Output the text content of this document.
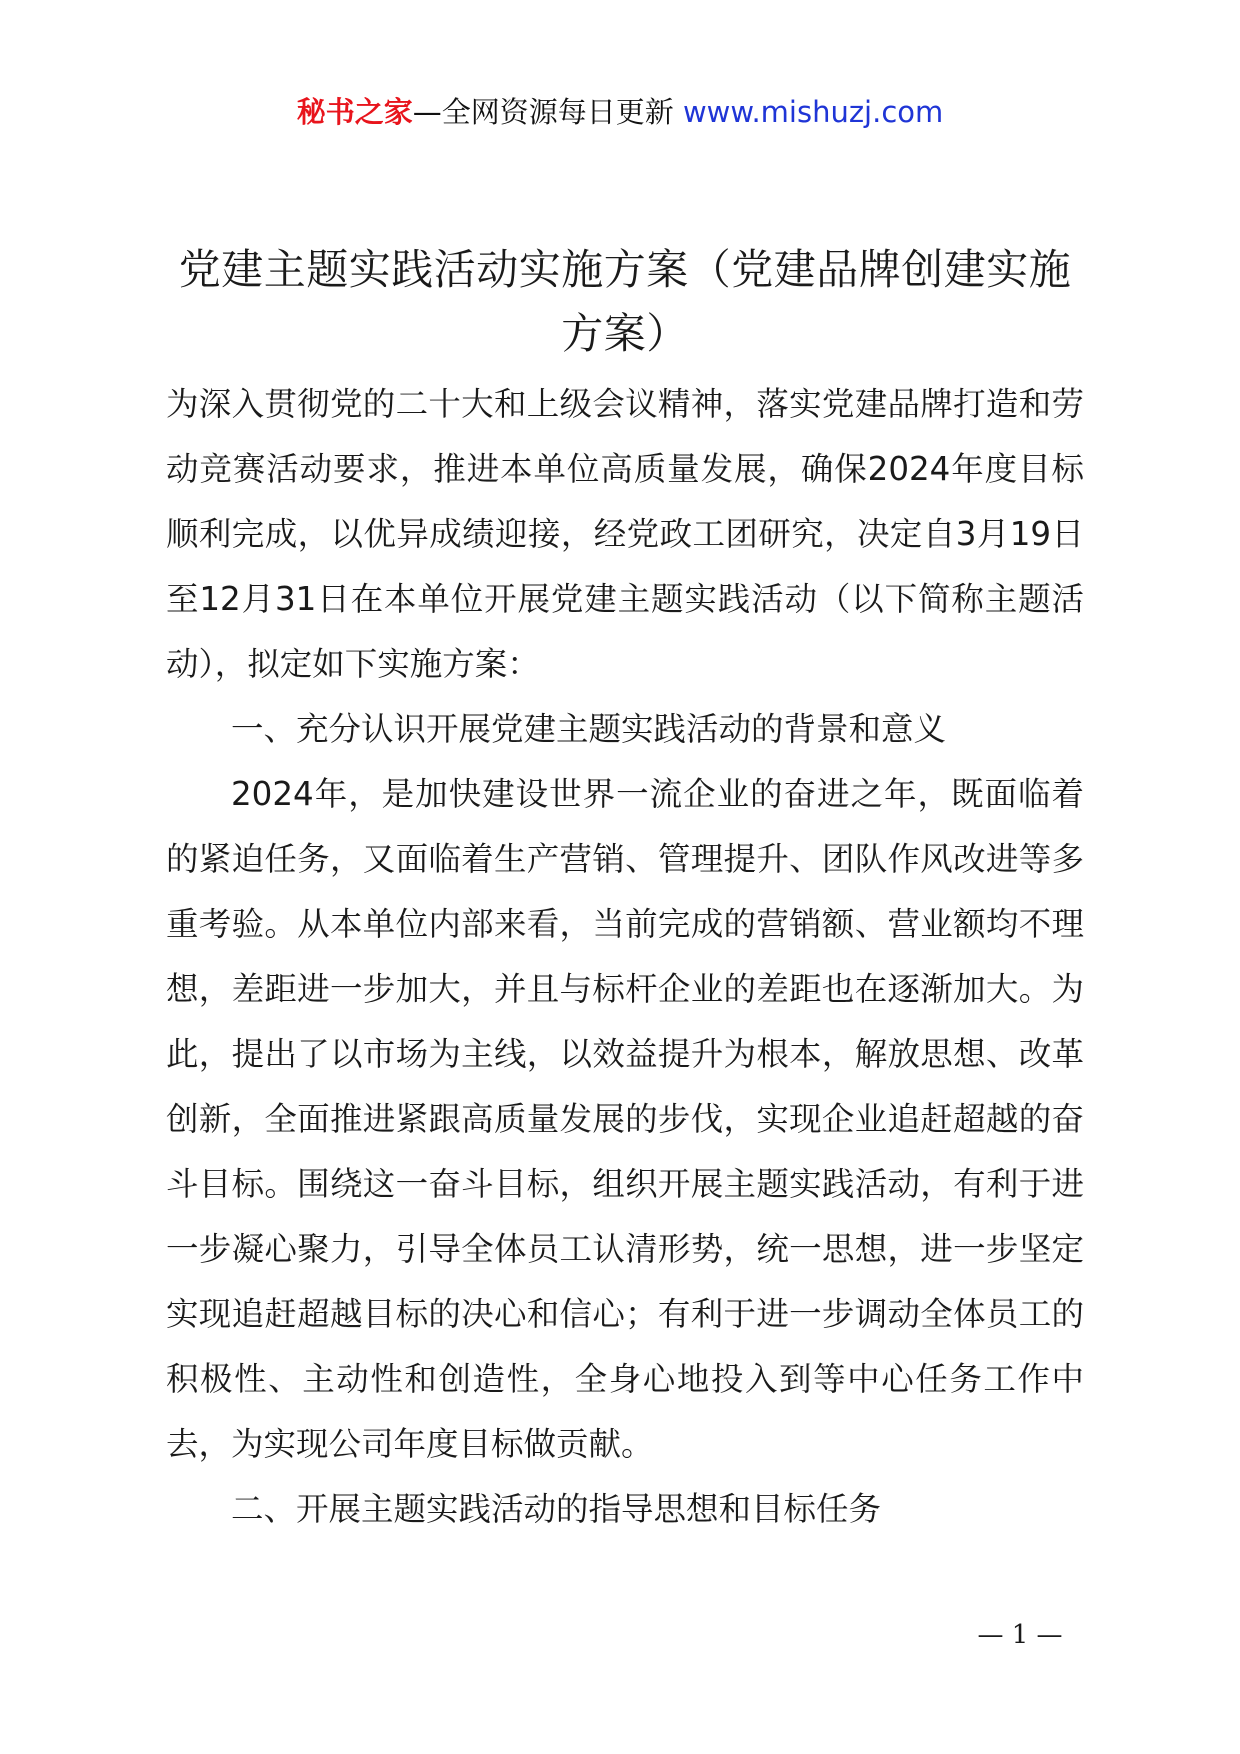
秘书之家—全网资源每日更新 www.mishuzj.com
党建主题实践活动实施方案（党建品牌创建实施方案）

为深入贯彻党的二十大和上级会议精神，落实党建品牌打造和劳动竞赛活动要求，推进本单位高质量发展，确保2024年度目标顺利完成，以优异成绩迎接，经党政工团研究，决定自3月19日至12月31日在本单位开展党建主题实践活动（以下简称主题活动），拟定如下实施方案：

一、充分认识开展党建主题实践活动的背景和意义

2024年，是加快建设世界一流企业的奋进之年，既面临着的紧迫任务，又面临着生产营销、管理提升、团队作风改进等多重考验。从本单位内部来看，当前完成的营销额、营业额均不理想，差距进一步加大，并且与标杆企业的差距也在逐渐加大。为此，提出了以市场为主线，以效益提升为根本，解放思想、改革创新，全面推进紧跟高质量发展的步伐，实现企业追赶超越的奋斗目标。围绕这一奋斗目标，组织开展主题实践活动，有利于进一步凝心聚力，引导全体员工认清形势，统一思想，进一步坚定实现追赶超越目标的决心和信心；有利于进一步调动全体员工的积极性、主动性和创造性，全身心地投入到等中心任务工作中去，为实现公司年度目标做贡献。

二、开展主题实践活动的指导思想和目标任务

— 1 —
